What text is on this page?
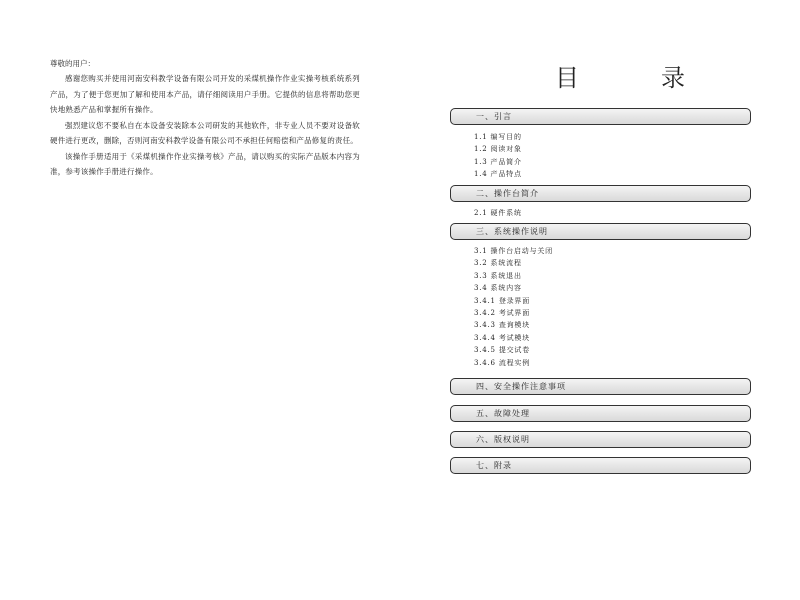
尊敬的用户：

感谢您购买并使用河南安科教学设备有限公司开发的采煤机操作作业实操考核系统系列产品，为了便于您更加了解和使用本产品，请仔细阅读用户手册。它提供的信息将帮助您更快地熟悉产品和掌握所有操作。

强烈建议您不要私自在本设备安装除本公司研发的其他软件，非专业人员不要对设备软硬件进行更改，删除，否则河南安科教学设备有限公司不承担任何赔偿和产品修复的责任。

该操作手册适用于《采煤机操作作业实操考核》产品，请以购买的实际产品版本内容为准，参考该操作手册进行操作。

目	录
一、引言
1.1 编写目的
1.2 阅读对象
1.3 产品简介
1.4 产品特点
二、操作台简介
2.1 硬件系统
三、系统操作说明
3.1 操作台启动与关闭
3.2 系统流程
3.3 系统退出
3.4 系统内容
3.4.1 登录界面
3.4.2 考试界面
3.4.3 查询模块
3.4.4 考试模块
3.4.5 提交试卷
3.4.6 流程实例
四、安全操作注意事项
五、故障处理
六、版权说明
七、附录
